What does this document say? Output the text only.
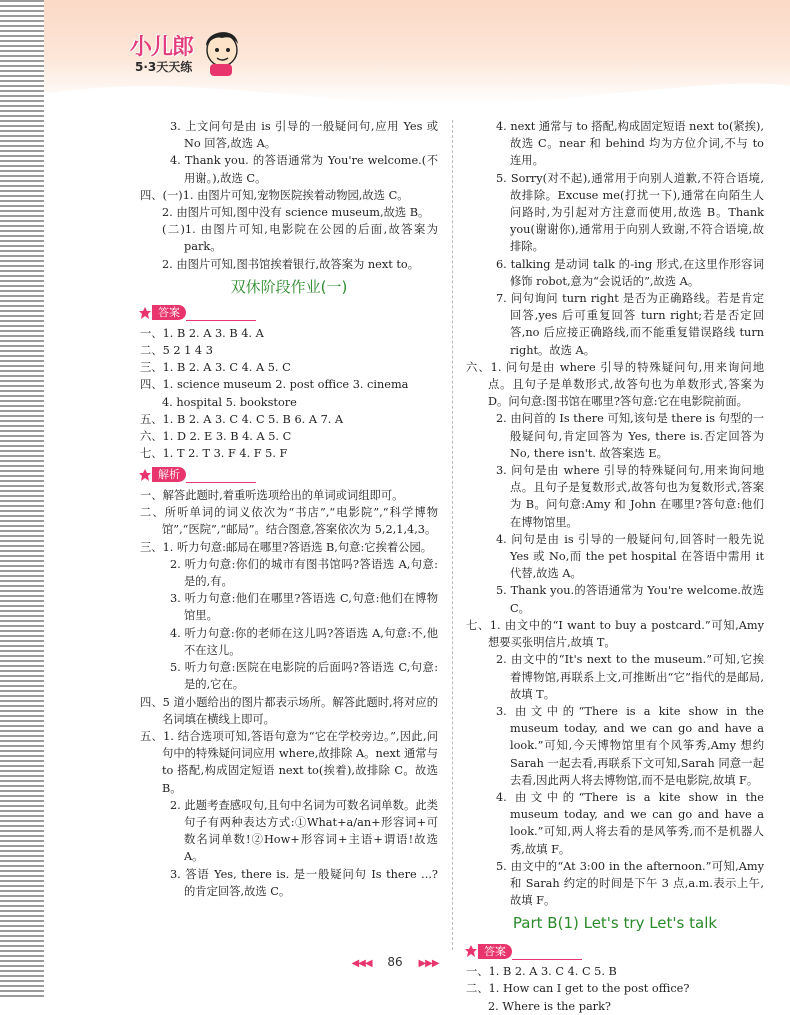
小儿郎
5·3天天练

3. 上文问句是由 is 引导的一般疑问句,应用 Yes 或 No 回答,故选 A。

4. Thank you. 的答语通常为 You're welcome.(不用谢。),故选 C。

四、(一)1. 由图片可知,宠物医院挨着动物园,故选 C。

2. 由图片可知,图中没有 science museum,故选 B。

(二)1. 由图片可知,电影院在公园的后面,故答案为 park。

2. 由图片可知,图书馆挨着银行,故答案为 next to。

双休阶段作业(一)
答案

一、1. B 2. A 3. B 4. A

二、5 2 1 4 3

三、1. B 2. A 3. C 4. A 5. C

四、1. science museum 2. post office 3. cinema

4. hospital 5. bookstore

五、1. B 2. A 3. C 4. C 5. B 6. A 7. A

六、1. D 2. E 3. B 4. A 5. C

七、1. T 2. T 3. F 4. F 5. F

解析

一、解答此题时,着重听选项给出的单词或词组即可。

二、所听单词的词义依次为“书店”,“电影院”,“科学博物馆”,“医院”,“邮局”。结合图意,答案依次为 5,2,1,4,3。

三、1. 听力句意:邮局在哪里?答语选 B,句意:它挨着公园。

2. 听力句意:你们的城市有图书馆吗?答语选 A,句意:是的,有。

3. 听力句意:他们在哪里?答语选 C,句意:他们在博物馆里。

4. 听力句意:你的老师在这儿吗?答语选 A,句意:不,他不在这儿。

5. 听力句意:医院在电影院的后面吗?答语选 C,句意:是的,它在。

四、5 道小题给出的图片都表示场所。解答此题时,将对应的名词填在横线上即可。

五、1. 结合选项可知,答语句意为“它在学校旁边。”,因此,问句中的特殊疑问词应用 where,故排除 A。next 通常与 to 搭配,构成固定短语 next to(挨着),故排除 C。故选 B。

2. 此题考查感叹句,且句中名词为可数名词单数。此类句子有两种表达方式:①What+a/an+形容词+可数名词单数!②How+形容词+主语+谓语!故选 A。

3. 答语 Yes, there is. 是一般疑问句 Is there ...? 的肯定回答,故选 C。

4. next 通常与 to 搭配,构成固定短语 next to(紧挨),故选 C。near 和 behind 均为方位介词,不与 to 连用。

5. Sorry(对不起),通常用于向别人道歉,不符合语境,故排除。Excuse me(打扰一下),通常在向陌生人问路时,为引起对方注意而使用,故选 B。Thank you(谢谢你),通常用于向别人致谢,不符合语境,故排除。

6. talking 是动词 talk 的-ing 形式,在这里作形容词修饰 robot,意为“会说话的”,故选 A。

7. 问句询问 turn right 是否为正确路线。若是肯定回答,yes 后可重复回答 turn right;若是否定回答,no 后应接正确路线,而不能重复错误路线 turn right。故选 A。

六、1. 问句是由 where 引导的特殊疑问句,用来询问地点。且句子是单数形式,故答句也为单数形式,答案为 D。问句意:图书馆在哪里?答句意:它在电影院前面。

2. 由问首的 Is there 可知,该句是 there is 句型的一般疑问句,肯定回答为 Yes, there is.否定回答为 No, there isn't. 故答案选 E。

3. 问句是由 where 引导的特殊疑问句,用来询问地点。且句子是复数形式,故答句也为复数形式,答案为 B。问句意:Amy 和 John 在哪里?答句意:他们在博物馆里。

4. 问句是由 is 引导的一般疑问句,回答时一般先说 Yes 或 No,而 the pet hospital 在答语中需用 it 代替,故选 A。

5. Thank you.的答语通常为 You're welcome.故选 C。

七、1. 由文中的“I want to buy a postcard.”可知,Amy 想要买张明信片,故填 T。

2. 由文中的“It's next to the museum.”可知,它挨着博物馆,再联系上文,可推断出“它”指代的是邮局,故填 T。

3. 由文中的“There is a kite show in the museum today, and we can go and have a look.”可知,今天博物馆里有个风筝秀,Amy 想约 Sarah 一起去看,再联系下文可知,Sarah 同意一起去看,因此两人将去博物馆,而不是电影院,故填 F。

4. 由文中的“There is a kite show in the museum today, and we can go and have a look.”可知,两人将去看的是风筝秀,而不是机器人秀,故填 F。

5. 由文中的“At 3:00 in the afternoon.”可知,Amy 和 Sarah 约定的时间是下午 3 点,a.m.表示上午,故填 F。

Part B(1) Let's try Let's talk
答案

一、1. B 2. A 3. C 4. C 5. B

二、1. How can I get to the post office?

2. Where is the park?

◀◀◀ 86 ▶▶▶
